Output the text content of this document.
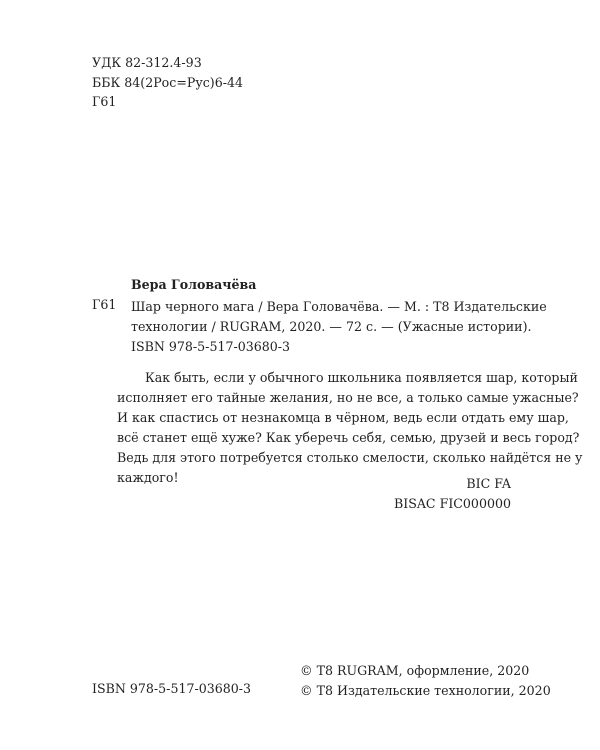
УДК 82-312.4-93
ББК 84(2Рос=Рус)6-44
Г61
Вера Головачёва
Г61 Шар черного мага / Вера Головачёва. — М. : Т8 Издательские
технологии / RUGRAM, 2020. — 72 с. — (Ужасные истории).
ISBN 978-5-517-03680-3
Как быть, если у обычного школьника появляется шар, который
исполняет его тайные желания, но не все, а только самые ужасные?
И как спастись от незнакомца в чёрном, ведь если отдать ему шар,
всё станет ещё хуже? Как уберечь себя, семью, друзей и весь город?
Ведь для этого потребуется столько смелости, сколько найдётся не у
каждого!	BIC FA
BISAC FIC000000
© Т8 RUGRAM, оформление, 2020
© Т8 Издательские технологии, 2020
ISBN 978-5-517-03680-3
